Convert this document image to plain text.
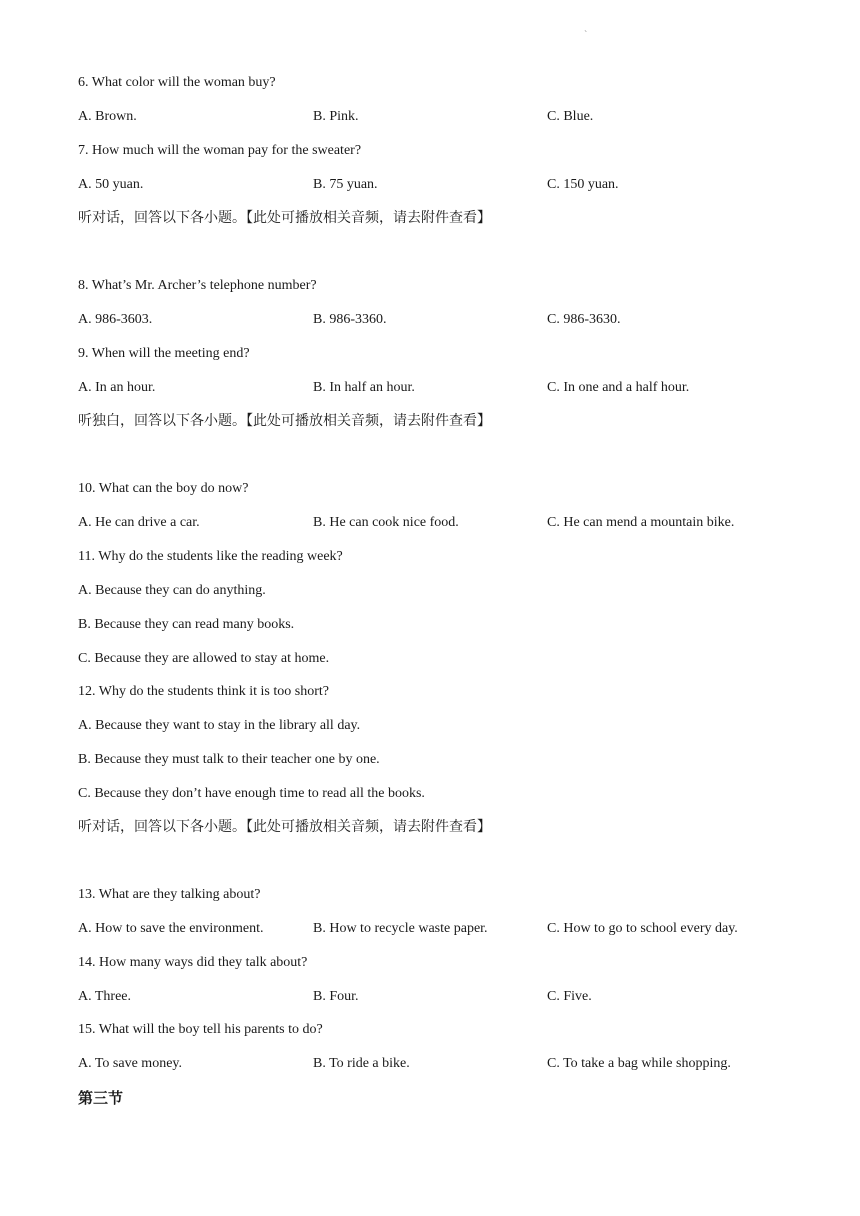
`
6. What color will the woman buy?
A. Brown.	B. Pink.	C. Blue.
7. How much will the woman pay for the sweater?
A. 50 yuan.	B. 75 yuan.	C. 150 yuan.
听对话，回答以下各小题。【此处可播放相关音频，请去附件查看】
8. What’s Mr. Archer’s telephone number?
A. 986-3603.	B. 986-3360.	C. 986-3630.
9. When will the meeting end?
A. In an hour.	B. In half an hour.	C. In one and a half hour.
听独白，回答以下各小题。【此处可播放相关音频，请去附件查看】
10. What can the boy do now?
A. He can drive a car.	B. He can cook nice food.	C. He can mend a mountain bike.
11. Why do the students like the reading week?
A. Because they can do anything.
B. Because they can read many books.
C. Because they are allowed to stay at home.
12. Why do the students think it is too short?
A. Because they want to stay in the library all day.
B. Because they must talk to their teacher one by one.
C. Because they don’t have enough time to read all the books.
听对话，回答以下各小题。【此处可播放相关音频，请去附件查看】
13. What are they talking about?
A. How to save the environment.	B. How to recycle waste paper.	C. How to go to school every day.
14. How many ways did they talk about?
A. Three.	B. Four.	C. Five.
15. What will the boy tell his parents to do?
A. To save money.	B. To ride a bike.	C. To take a bag while shopping.
第三节
